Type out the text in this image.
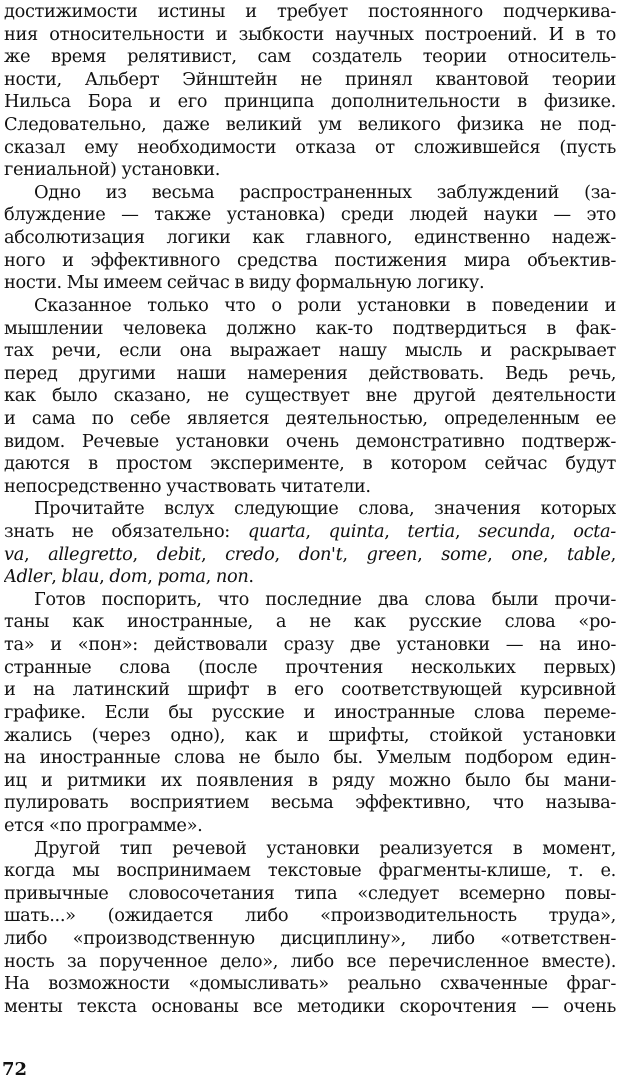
достижимости истины и требует постоянного подчеркива-
ния относительности и зыбкости научных построений. И в то
же время релятивист, сам создатель теории относитель-
ности, Альберт Эйнштейн не принял квантовой теории
Нильса Бора и его принципа дополнительности в физике.
Следовательно, даже великий ум великого физика не под-
сказал ему необходимости отказа от сложившейся (пусть
гениальной) установки.
Одно из весьма распространенных заблуждений (за-
блуждение — также установка) среди людей науки — это
абсолютизация логики как главного, единственно надеж-
ного и эффективного средства постижения мира объектив-
ности. Мы имеем сейчас в виду формальную логику.
Сказанное только что о роли установки в поведении и
мышлении человека должно как-то подтвердиться в фак-
тах речи, если она выражает нашу мысль и раскрывает
перед другими наши намерения действовать. Ведь речь,
как было сказано, не существует вне другой деятельности
и сама по себе является деятельностью, определенным ее
видом. Речевые установки очень демонстративно подтверж-
даются в простом эксперименте, в котором сейчас будут
непосредственно участвовать читатели.
Прочитайте вслух следующие слова, значения которых
знать не обязательно: quarta, quinta, tertia, secunda, octa-
va, allegretto, debit, credo, don't, green, some, one, table,
Adler, blau, dom, poma, non.
Готов поспорить, что последние два слова были прочи-
таны как иностранные, а не как русские слова «ро-
та» и «пон»: действовали сразу две установки — на ино-
странные слова (после прочтения нескольких первых)
и на латинский шрифт в его соответствующей курсивной
графике. Если бы русские и иностранные слова переме-
жались (через одно), как и шрифты, стойкой установки
на иностранные слова не было бы. Умелым подбором един-
иц и ритмики их появления в ряду можно было бы мани-
пулировать восприятием весьма эффективно, что называ-
ется «по программе».
Другой тип речевой установки реализуется в момент,
когда мы воспринимаем текстовые фрагменты-клише, т. е.
привычные словосочетания типа «следует всемерно повы-
шать...» (ожидается либо «производительность труда»,
либо «производственную дисциплину», либо «ответствен-
ность за порученное дело», либо все перечисленное вместе).
На возможности «домысливать» реально схваченные фраг-
менты текста основаны все методики скорочтения — очень
72
